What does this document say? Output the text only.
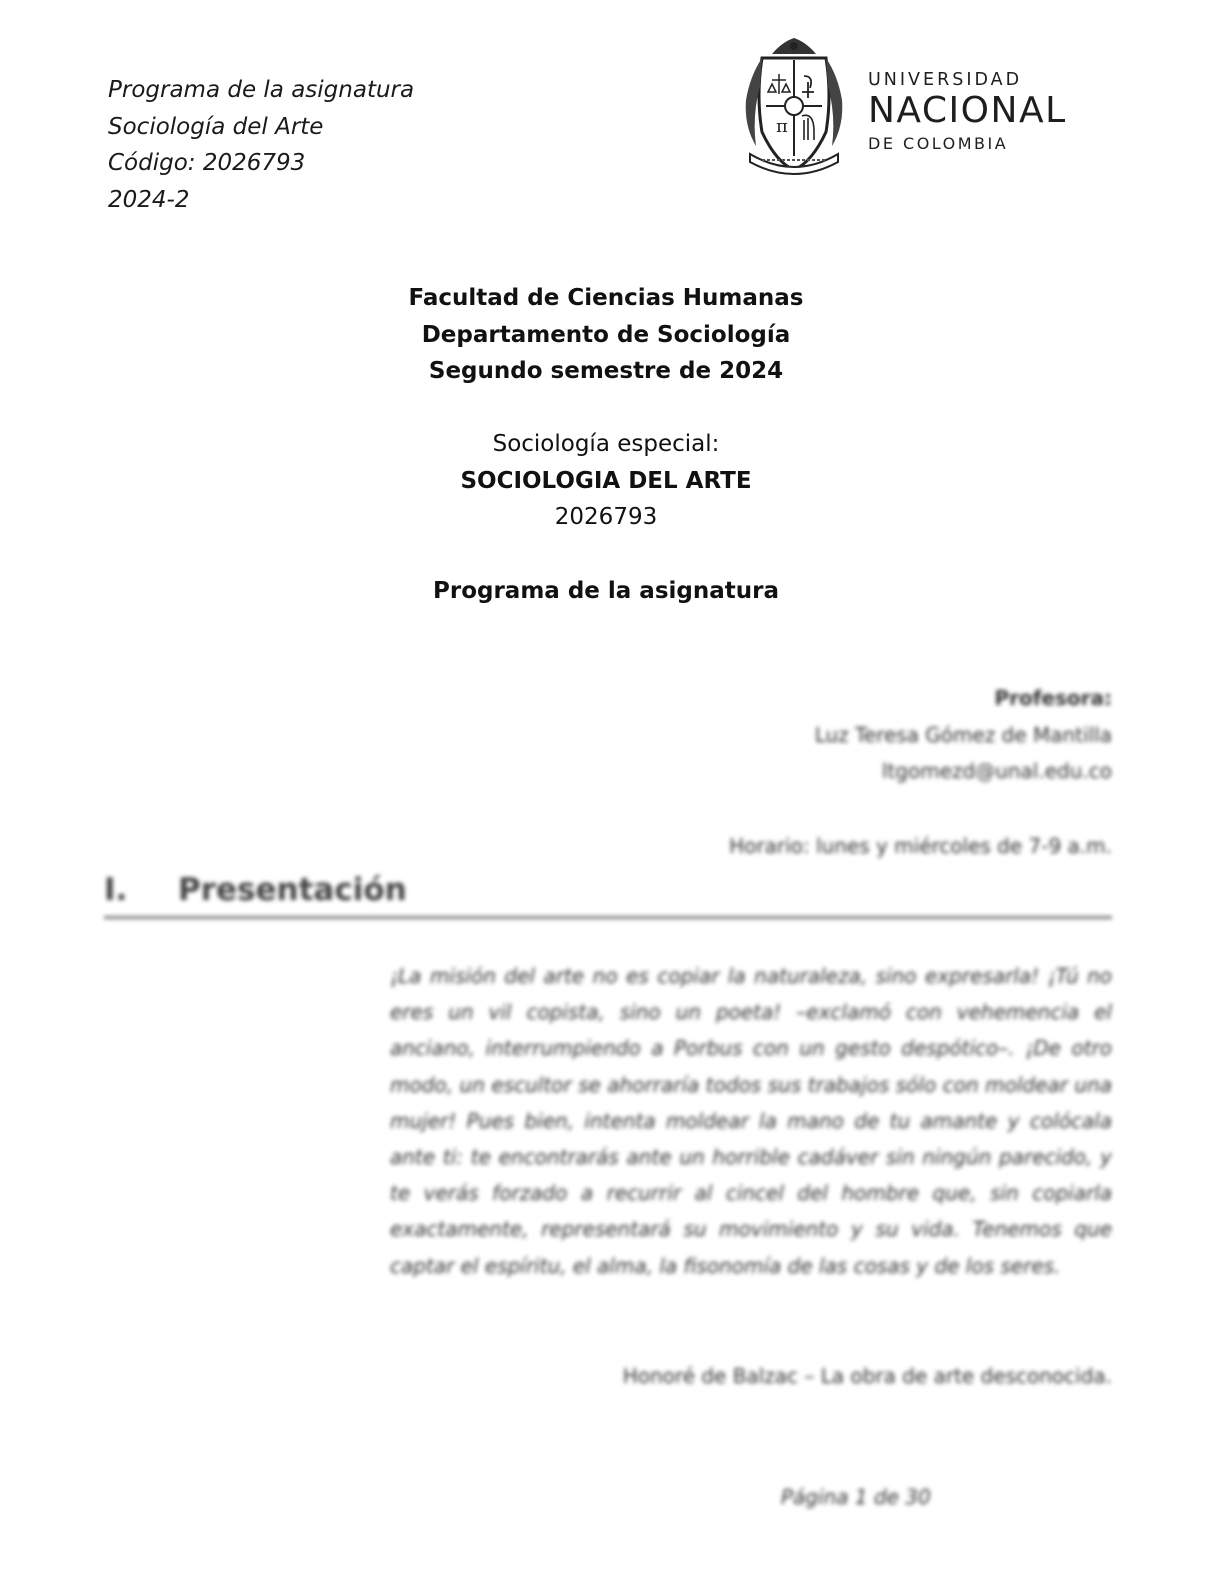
Programa de la asignatura
Sociología del Arte
Código: 2026793
2024-2
π
UNIVERSIDAD
NACIONAL
DE COLOMBIA
Facultad de Ciencias Humanas
Departamento de Sociología
Segundo semestre de 2024
Sociología especial:
SOCIOLOGIA DEL ARTE
2026793
Programa de la asignatura
Profesora:
Luz Teresa Gómez de Mantilla
ltgomezd@unal.edu.co
Horario: lunes y miércoles de 7-9 a.m.
I. Presentación
¡La misión del arte no es copiar la naturaleza, sino expresarla! ¡Tú no eres un vil copista, sino un poeta! –exclamó con vehemencia el anciano, interrumpiendo a Porbus con un gesto despótico–. ¡De otro modo, un escultor se ahorraría todos sus trabajos sólo con moldear una mujer! Pues bien, intenta moldear la mano de tu amante y colócala ante ti: te encontrarás ante un horrible cadáver sin ningún parecido, y te verás forzado a recurrir al cincel del hombre que, sin copiarla exactamente, representará su movimiento y su vida. Tenemos que captar el espíritu, el alma, la fisonomía de las cosas y de los seres.
Honoré de Balzac – La obra de arte desconocida.
Página 1 de 30
